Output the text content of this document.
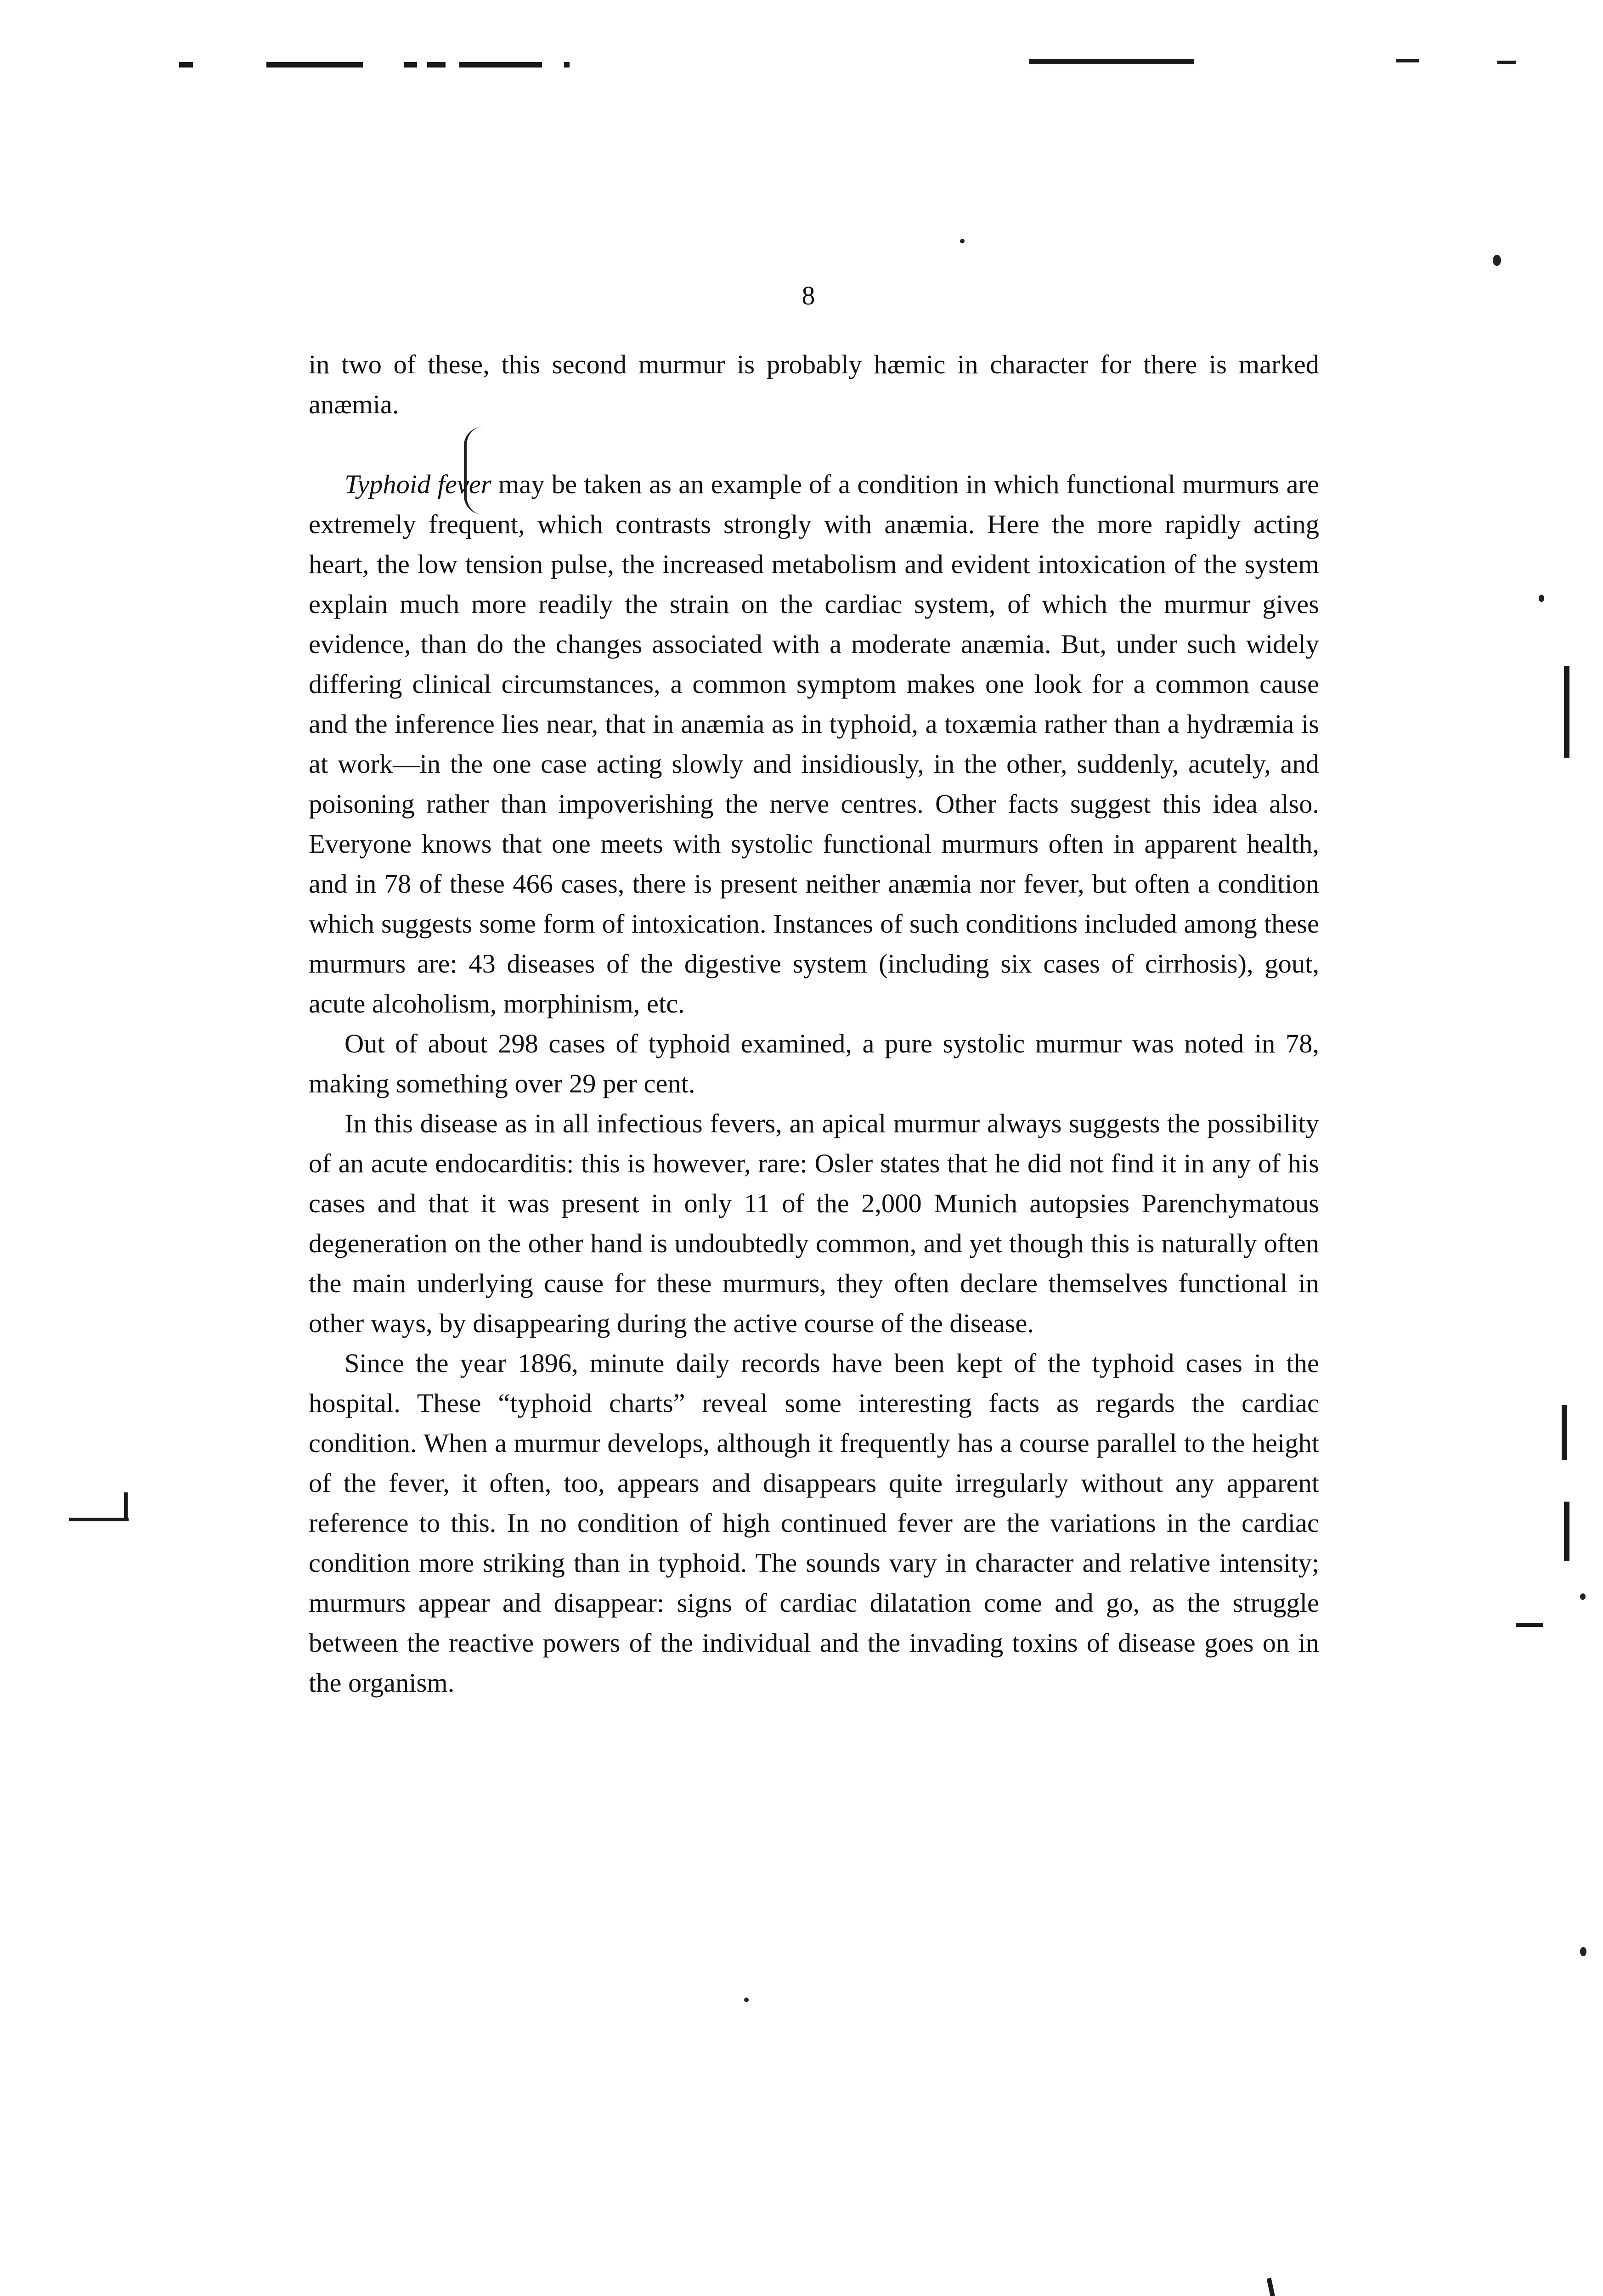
8

in two of these, this second murmur is probably hæmic in character for there is marked anæmia.

Typhoid fever may be taken as an example of a condition in which functional murmurs are extremely frequent, which contrasts strongly with anæmia. Here the more rapidly acting heart, the low tension pulse, the increased metabolism and evident intoxication of the system explain much more readily the strain on the cardiac system, of which the murmur gives evidence, than do the changes associated with a moderate anæmia. But, under such widely differing clinical circumstances, a common symptom makes one look for a common cause and the inference lies near, that in anæmia as in typhoid, a toxæmia rather than a hydræmia is at work—in the one case acting slowly and insidiously, in the other, suddenly, acutely, and poisoning rather than impoverishing the nerve centres. Other facts suggest this idea also. Everyone knows that one meets with systolic functional murmurs often in apparent health, and in 78 of these 466 cases, there is present neither anæmia nor fever, but often a condition which suggests some form of intoxication. Instances of such conditions included among these murmurs are: 43 diseases of the digestive system (including six cases of cirrhosis), gout, acute alcoholism, morphinism, etc.

Out of about 298 cases of typhoid examined, a pure systolic murmur was noted in 78, making something over 29 per cent.

In this disease as in all infectious fevers, an apical murmur always suggests the possibility of an acute endocarditis: this is however, rare: Osler states that he did not find it in any of his cases and that it was present in only 11 of the 2,000 Munich autopsies Parenchymatous degeneration on the other hand is undoubtedly common, and yet though this is naturally often the main underlying cause for these murmurs, they often declare themselves functional in other ways, by disappearing during the active course of the disease.

Since the year 1896, minute daily records have been kept of the typhoid cases in the hospital. These “typhoid charts” reveal some interesting facts as regards the cardiac condition. When a murmur develops, although it frequently has a course parallel to the height of the fever, it often, too, appears and disappears quite irregularly without any apparent reference to this. In no condition of high continued fever are the variations in the cardiac condition more striking than in typhoid. The sounds vary in character and relative intensity; murmurs appear and disappear: signs of cardiac dilatation come and go, as the struggle between the reactive powers of the individual and the invading toxins of disease goes on in the organism.
